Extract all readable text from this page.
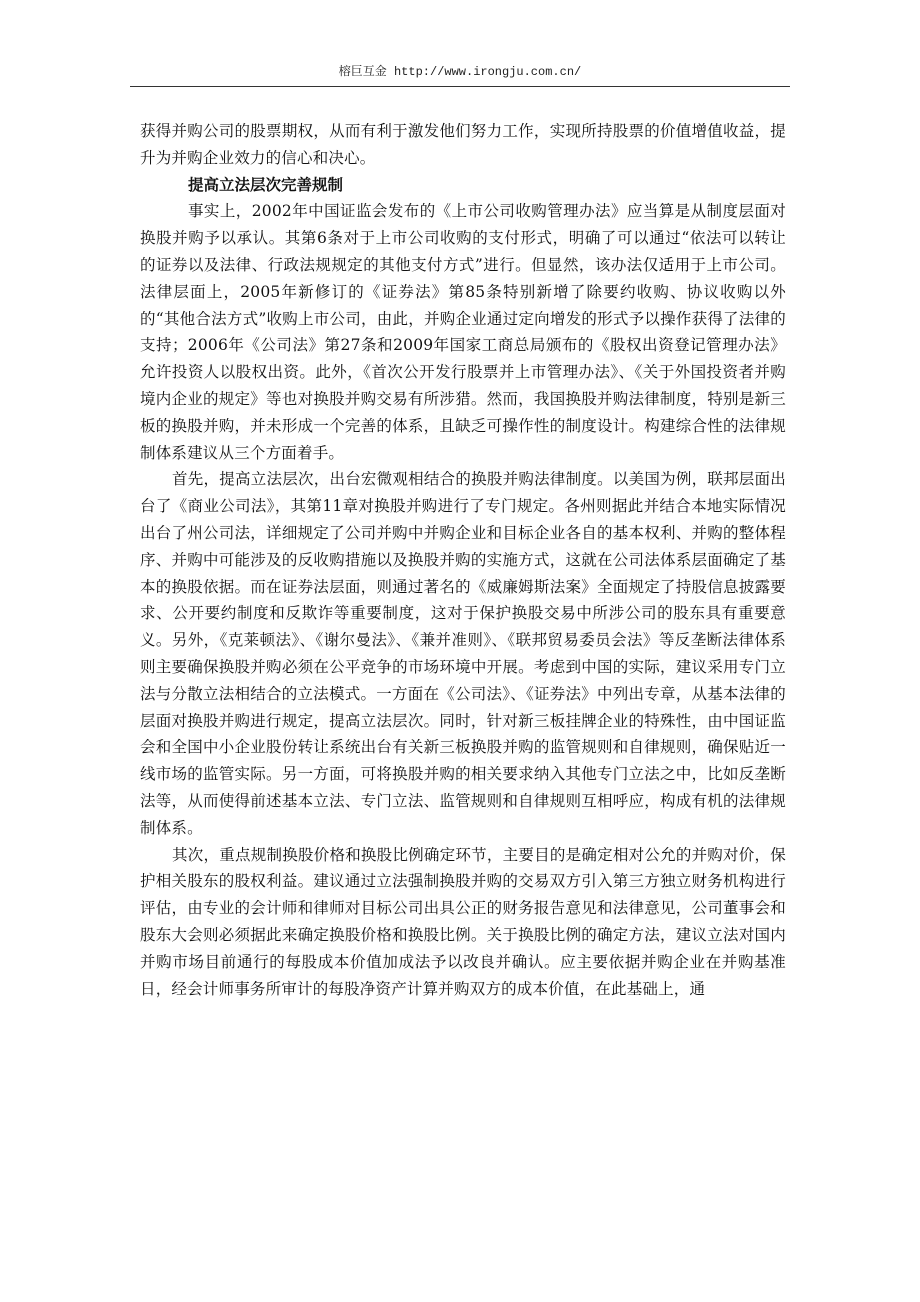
榕巨互金 http://www.irongju.com.cn/

获得并购公司的股票期权，从而有利于激发他们努力工作，实现所持股票的价值增值收益，提升为并购企业效力的信心和决心。

提高立法层次完善规制

事实上，2002年中国证监会发布的《上市公司收购管理办法》应当算是从制度层面对换股并购予以承认。其第6条对于上市公司收购的支付形式，明确了可以通过“依法可以转让的证券以及法律、行政法规规定的其他支付方式”进行。但显然，该办法仅适用于上市公司。法律层面上，2005年新修订的《证券法》第85条特别新增了除要约收购、协议收购以外的“其他合法方式”收购上市公司，由此，并购企业通过定向增发的形式予以操作获得了法律的支持；2006年《公司法》第27条和2009年国家工商总局颁布的《股权出资登记管理办法》允许投资人以股权出资。此外，《首次公开发行股票并上市管理办法》、《关于外国投资者并购境内企业的规定》等也对换股并购交易有所涉猎。然而，我国换股并购法律制度，特别是新三板的换股并购，并未形成一个完善的体系，且缺乏可操作性的制度设计。构建综合性的法律规制体系建议从三个方面着手。

首先，提高立法层次，出台宏微观相结合的换股并购法律制度。以美国为例，联邦层面出台了《商业公司法》，其第11章对换股并购进行了专门规定。各州则据此并结合本地实际情况出台了州公司法，详细规定了公司并购中并购企业和目标企业各自的基本权利、并购的整体程序、并购中可能涉及的反收购措施以及换股并购的实施方式，这就在公司法体系层面确定了基本的换股依据。而在证券法层面，则通过著名的《威廉姆斯法案》全面规定了持股信息披露要求、公开要约制度和反欺诈等重要制度，这对于保护换股交易中所涉公司的股东具有重要意义。另外，《克莱顿法》、《谢尔曼法》、《兼并准则》、《联邦贸易委员会法》等反垄断法律体系则主要确保换股并购必须在公平竞争的市场环境中开展。考虑到中国的实际，建议采用专门立法与分散立法相结合的立法模式。一方面在《公司法》、《证券法》中列出专章，从基本法律的层面对换股并购进行规定，提高立法层次。同时，针对新三板挂牌企业的特殊性，由中国证监会和全国中小企业股份转让系统出台有关新三板换股并购的监管规则和自律规则，确保贴近一线市场的监管实际。另一方面，可将换股并购的相关要求纳入其他专门立法之中，比如反垄断法等，从而使得前述基本立法、专门立法、监管规则和自律规则互相呼应，构成有机的法律规制体系。

其次，重点规制换股价格和换股比例确定环节，主要目的是确定相对公允的并购对价，保护相关股东的股权利益。建议通过立法强制换股并购的交易双方引入第三方独立财务机构进行评估，由专业的会计师和律师对目标公司出具公正的财务报告意见和法律意见，公司董事会和股东大会则必须据此来确定换股价格和换股比例。关于换股比例的确定方法，建议立法对国内并购市场目前通行的每股成本价值加成法予以改良并确认。应主要依据并购企业在并购基准日，经会计师事务所审计的每股净资产计算并购双方的成本价值，在此基础上，通
